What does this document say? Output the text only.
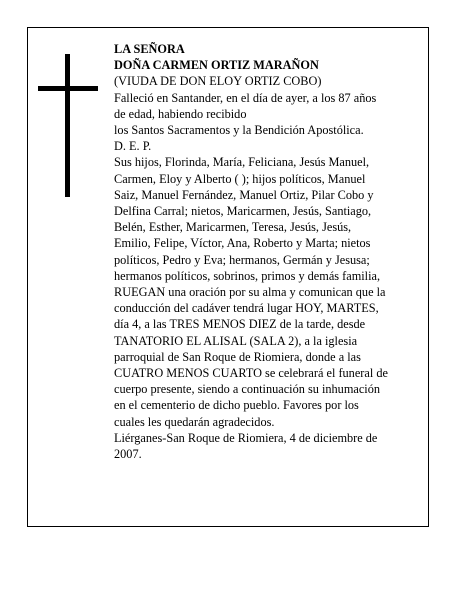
LA SEÑORA
DOÑA CARMEN ORTIZ MARAÑON
(VIUDA DE DON ELOY ORTIZ COBO)
Falleció en Santander, en el día de ayer, a los 87 años
de edad, habiendo recibido
los Santos Sacramentos y la Bendición Apostólica.
D. E. P.
Sus hijos, Florinda, María, Feliciana, Jesús Manuel,
Carmen, Eloy y Alberto ( ); hijos políticos, Manuel
Saiz, Manuel Fernández, Manuel Ortiz, Pilar Cobo y
Delfina Carral; nietos, Maricarmen, Jesús, Santiago,
Belén, Esther, Maricarmen, Teresa, Jesús, Jesús,
Emilio, Felipe, Víctor, Ana, Roberto y Marta; nietos
políticos, Pedro y Eva; hermanos, Germán y Jesusa;
hermanos políticos, sobrinos, primos y demás familia,
RUEGAN una oración por su alma y comunican que la
conducción del cadáver tendrá lugar HOY, MARTES,
día 4, a las TRES MENOS DIEZ de la tarde, desde
TANATORIO EL ALISAL (SALA 2), a la iglesia
parroquial de San Roque de Riomiera, donde a las
CUATRO MENOS CUARTO se celebrará el funeral de
cuerpo presente, siendo a continuación su inhumación
en el cementerio de dicho pueblo. Favores por los
cuales les quedarán agradecidos.
Liérganes-San Roque de Riomiera, 4 de diciembre de
2007.
